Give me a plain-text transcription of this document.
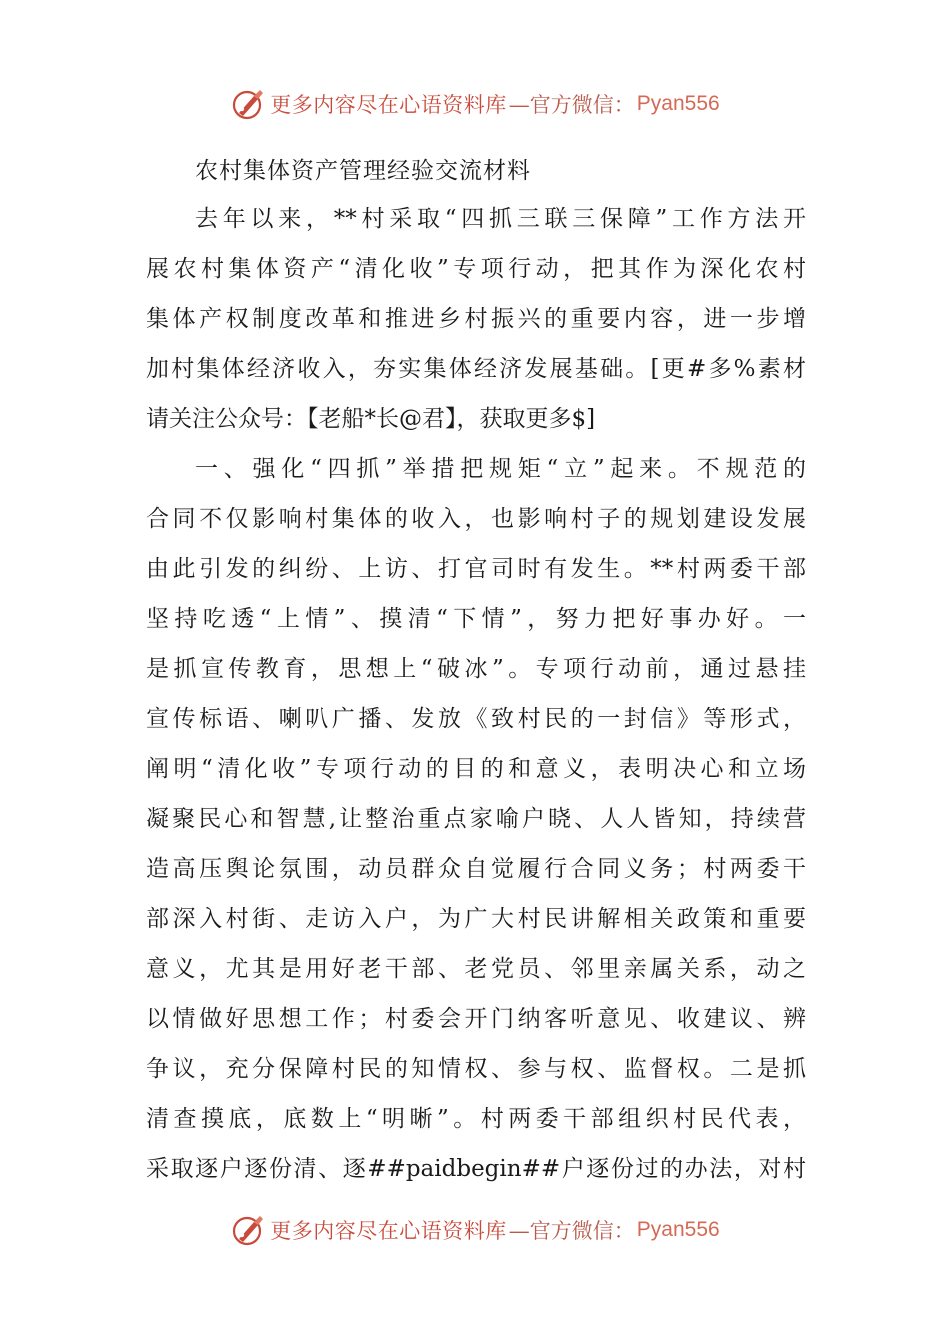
更多内容尽在心语资料库 —官方微信： Pyan556
农村集体资产管理经验交流材料
去年以来，**村采取“四抓三联三保障”工作方法开
展农村集体资产“清化收”专项行动，把其作为深化农村
集体产权制度改革和推进乡村振兴的重要内容，进一步增
加村集体经济收入，夯实集体经济发展基础。[更#多%素材
请关注公众号：【老船*长@君】，获取更多$]
一、强化“四抓”举措把规矩“立”起来。不规范的
合同不仅影响村集体的收入，也影响村子的规划建设发展
由此引发的纠纷、上访、打官司时有发生。**村两委干部
坚持吃透“上情”、摸清“下情”，努力把好事办好。一
是抓宣传教育，思想上“破冰”。专项行动前，通过悬挂
宣传标语、喇叭广播、发放《致村民的一封信》等形式，
阐明“清化收”专项行动的目的和意义，表明决心和立场
凝聚民心和智慧,让整治重点家喻户晓、人人皆知，持续营
造高压舆论氛围，动员群众自觉履行合同义务；村两委干
部深入村街、走访入户，为广大村民讲解相关政策和重要
意义，尤其是用好老干部、老党员、邻里亲属关系，动之
以情做好思想工作；村委会开门纳客听意见、收建议、辨
争议，充分保障村民的知情权、参与权、监督权。二是抓
清查摸底，底数上“明晰”。村两委干部组织村民代表，
采取逐户逐份清、逐##paidbegin##户逐份过的办法，对村
更多内容尽在心语资料库 —官方微信： Pyan556
